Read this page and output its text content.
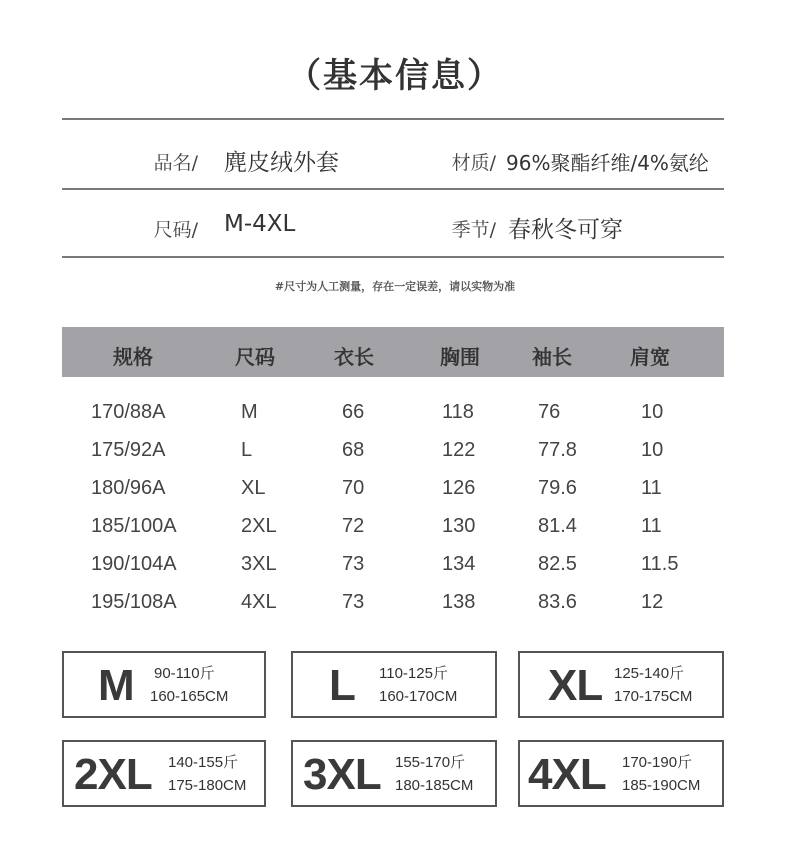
（基本信息）
品名/ 麂皮绒外套	材质/ 96%聚酯纤维/4%氨纶
尺码/ M-4XL	季节/ 春秋冬可穿
#尺寸为人工测量，存在一定误差，请以实物为准
规格	尺码	衣长	胸围	袖长	肩宽
170/88A	M	66	118	76	10
175/92A	L	68	122	77.8	10
180/96A	XL	70	126	79.6	11
185/100A	2XL	72	130	81.4	11
190/104A	3XL	73	134	82.5	11.5
195/108A	4XL	73	138	83.6	12
M 90-110斤
160-165CM L 110-125斤
160-170CM XL 125-140斤
170-175CM
2XL 140-155斤
175-180CM 3XL 155-170斤
180-185CM 4XL 170-190斤
185-190CM
